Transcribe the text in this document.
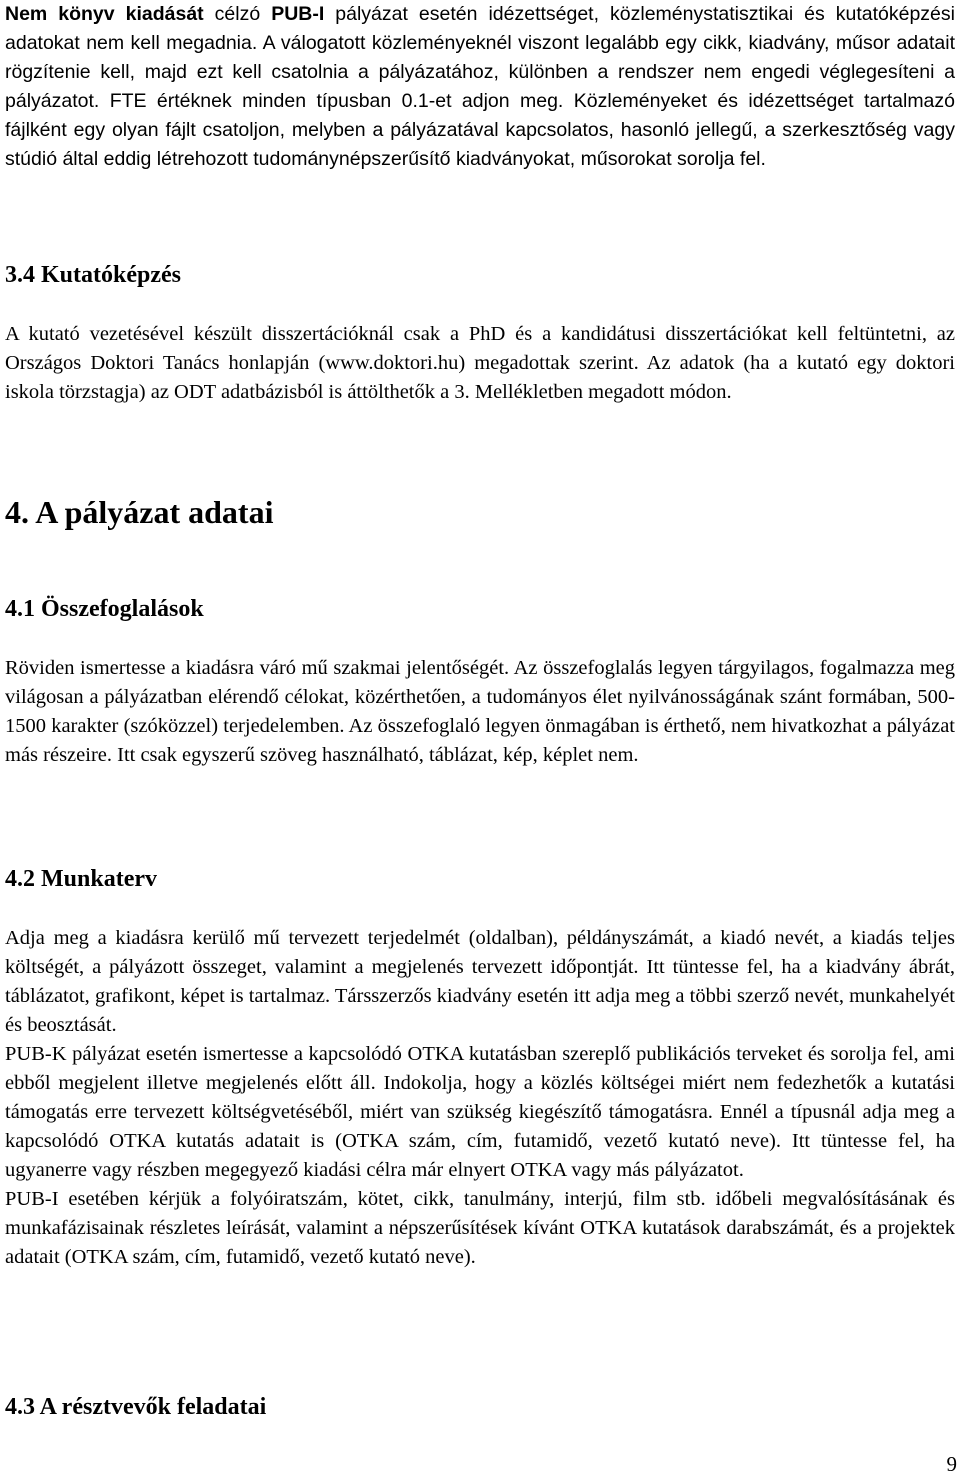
Nem könyv kiadását célzó PUB-I pályázat esetén idézettséget, közleménystatisztikai és kutatóképzési adatokat nem kell megadnia. A válogatott közleményeknél viszont legalább egy cikk, kiadvány, műsor adatait rögzítenie kell, majd ezt kell csatolnia a pályázatához, különben a rendszer nem engedi véglegesíteni a pályázatot. FTE értéknek minden típusban 0.1-et adjon meg. Közleményeket és idézettséget tartalmazó fájlként egy olyan fájlt csatoljon, melyben a pályázatával kapcsolatos, hasonló jellegű, a szerkesztőség vagy stúdió által eddig létrehozott tudománynépszerűsítő kiadványokat, műsorokat sorolja fel.

3.4 Kutatóképzés

A kutató vezetésével készült disszertációknál csak a PhD és a kandidátusi disszertációkat kell feltüntetni, az Országos Doktori Tanács honlapján (www.doktori.hu) megadottak szerint. Az adatok (ha a kutató egy doktori iskola törzstagja) az ODT adatbázisból is áttölthetők a 3. Mellékletben megadott módon.

4. A pályázat adatai
4.1 Összefoglalások

Röviden ismertesse a kiadásra váró mű szakmai jelentőségét. Az összefoglalás legyen tárgyilagos, fogalmazza meg világosan a pályázatban elérendő célokat, közérthetően, a tudományos élet nyilvánosságának szánt formában, 500-1500 karakter (szóközzel) terjedelemben. Az összefoglaló legyen önmagában is érthető, nem hivatkozhat a pályázat más részeire. Itt csak egyszerű szöveg használható, táblázat, kép, képlet nem.

4.2 Munkaterv

Adja meg a kiadásra kerülő mű tervezett terjedelmét (oldalban), példányszámát, a kiadó nevét, a kiadás teljes költségét, a pályázott összeget, valamint a megjelenés tervezett időpontját. Itt tüntesse fel, ha a kiadvány ábrát, táblázatot, grafikont, képet is tartalmaz. Társszerzős kiadvány esetén itt adja meg a többi szerző nevét, munkahelyét és beosztását.

PUB-K pályázat esetén ismertesse a kapcsolódó OTKA kutatásban szereplő publikációs terveket és sorolja fel, ami ebből megjelent illetve megjelenés előtt áll. Indokolja, hogy a közlés költségei miért nem fedezhetők a kutatási támogatás erre tervezett költségvetéséből, miért van szükség kiegészítő támogatásra. Ennél a típusnál adja meg a kapcsolódó OTKA kutatás adatait is (OTKA szám, cím, futamidő, vezető kutató neve). Itt tüntesse fel, ha ugyanerre vagy részben megegyező kiadási célra már elnyert OTKA vagy más pályázatot.

PUB-I esetében kérjük a folyóiratszám, kötet, cikk, tanulmány, interjú, film stb. időbeli megvalósításának és munkafázisainak részletes leírását, valamint a népszerűsítések kívánt OTKA kutatások darabszámát, és a projektek adatait (OTKA szám, cím, futamidő, vezető kutató neve).

4.3 A résztvevők feladatai
9
